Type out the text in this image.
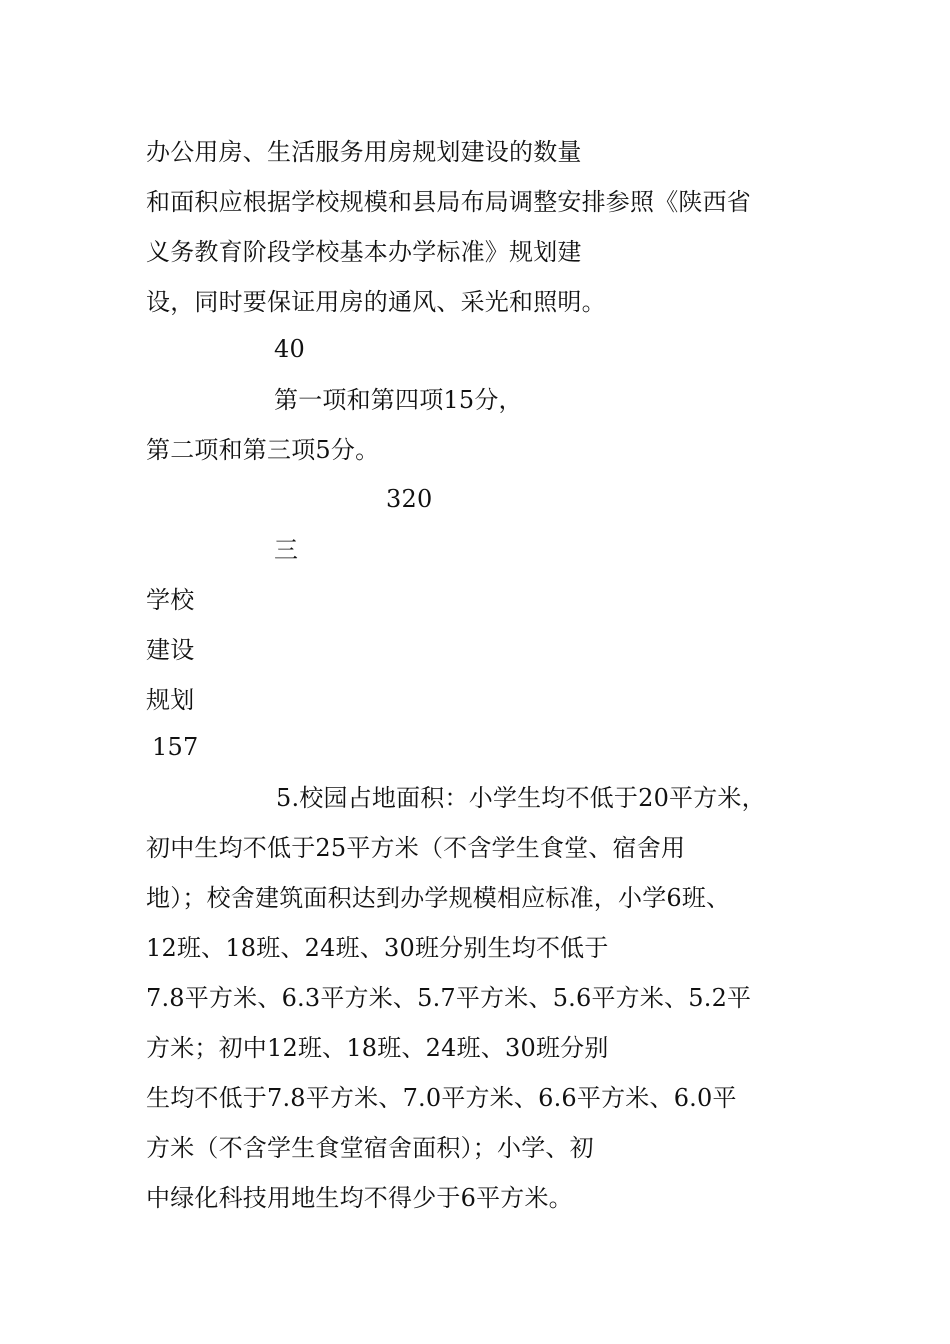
办公用房、生活服务用房规划建设的数量
和面积应根据学校规模和县局布局调整安排参照《陕西省
义务教育阶段学校基本办学标准》规划建
设，同时要保证用房的通风、采光和照明。
40
第一项和第四项15分，
第二项和第三项5分。
320
三
学校
建设
规划
157
5.校园占地面积：小学生均不低于20平方米，
初中生均不低于25平方米（不含学生食堂、宿舍用
地）；校舍建筑面积达到办学规模相应标准，小学6班、
12班、18班、24班、30班分别生均不低于
7.8平方米、6.3平方米、5.7平方米、5.6平方米、5.2平
方米；初中12班、18班、24班、30班分别
生均不低于7.8平方米、7.0平方米、6.6平方米、6.0平
方米（不含学生食堂宿舍面积）；小学、初
中绿化科技用地生均不得少于6平方米。
